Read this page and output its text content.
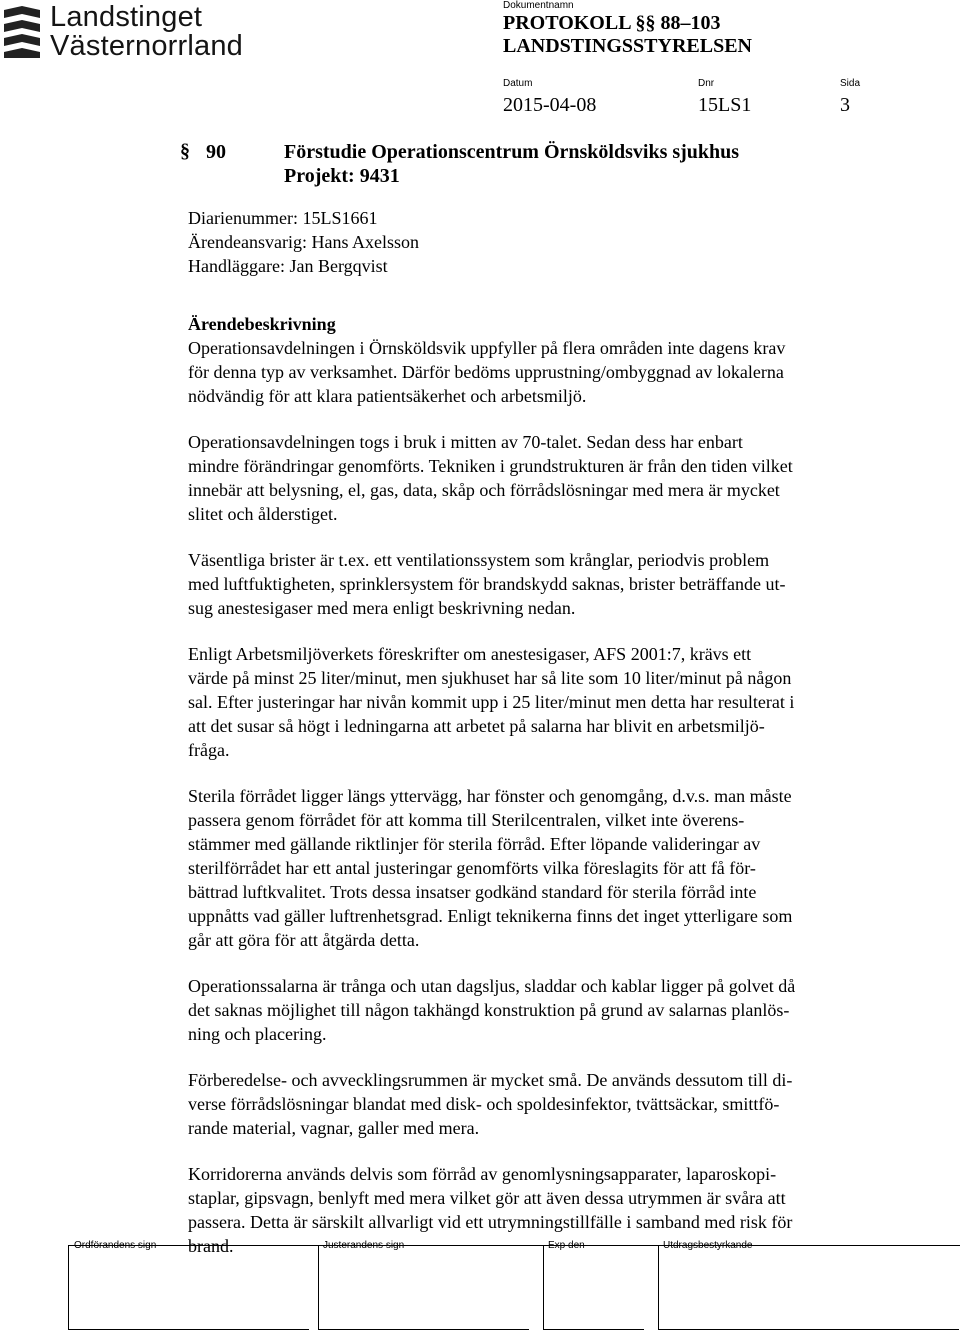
Landstinget

Västernorrland

Dokumentnamn

PROTOKOLL §§ 88–103

LANDSTINGSSTYRELSEN

Datum
2015-04-08
Dnr
15LS1
Sida
3
§ 90	Förstudie Operationscentrum Örnsköldsviks sjukhus
Projekt: 9431
Diarienummer: 15LS1661
Ärendeansvarig: Hans Axelsson
Handläggare: Jan Bergqvist

Ärendebeskrivning

Operationsavdelningen i Örnsköldsvik uppfyller på flera områden inte dagens krav
för denna typ av verksamhet. Därför bedöms upprustning/ombyggnad av lokalerna
nödvändig för att klara patientsäkerhet och arbetsmiljö.

Operationsavdelningen togs i bruk i mitten av 70-talet. Sedan dess har enbart
mindre förändringar genomförts. Tekniken i grundstrukturen är från den tiden vilket
innebär att belysning, el, gas, data, skåp och förrådslösningar med mera är mycket
slitet och ålderstiget.

Väsentliga brister är t.ex. ett ventilationssystem som krånglar, periodvis problem
med luftfuktigheten, sprinklersystem för brandskydd saknas, brister beträffande ut-
sug anestesigaser med mera enligt beskrivning nedan.

Enligt Arbetsmiljöverkets föreskrifter om anestesigaser, AFS 2001:7, krävs ett
värde på minst 25 liter/minut, men sjukhuset har så lite som 10 liter/minut på någon
sal. Efter justeringar har nivån kommit upp i 25 liter/minut men detta har resulterat i
att det susar så högt i ledningarna att arbetet på salarna har blivit en arbetsmiljö-
fråga.

Sterila förrådet ligger längs yttervägg, har fönster och genomgång, d.v.s. man måste
passera genom förrådet för att komma till Sterilcentralen, vilket inte överens-
stämmer med gällande riktlinjer för sterila förråd. Efter löpande valideringar av
sterilförrådet har ett antal justeringar genomförts vilka föreslagits för att få för-
bättrad luftkvalitet. Trots dessa insatser godkänd standard för sterila förråd inte
uppnåtts vad gäller luftrenhetsgrad. Enligt teknikerna finns det inget ytterligare som
går att göra för att åtgärda detta.

Operationssalarna är trånga och utan dagsljus, sladdar och kablar ligger på golvet då
det saknas möjlighet till någon takhängd konstruktion på grund av salarnas planlös-
ning och placering.

Förberedelse- och avvecklingsrummen är mycket små. De används dessutom till di-
verse förrådslösningar blandat med disk- och spoldesinfektor, tvättsäckar, smittfö-
rande material, vagnar, galler med mera.

Korridorerna används delvis som förråd av genomlysningsapparater, laparoskopi-
staplar, gipsvagn, benlyft med mera vilket gör att även dessa utrymmen är svåra att
passera. Detta är särskilt allvarligt vid ett utrymningstillfälle i samband med risk för
brand.

Ordförandens sign	Justerandens sign	Exp den	Utdragsbestyrkande
